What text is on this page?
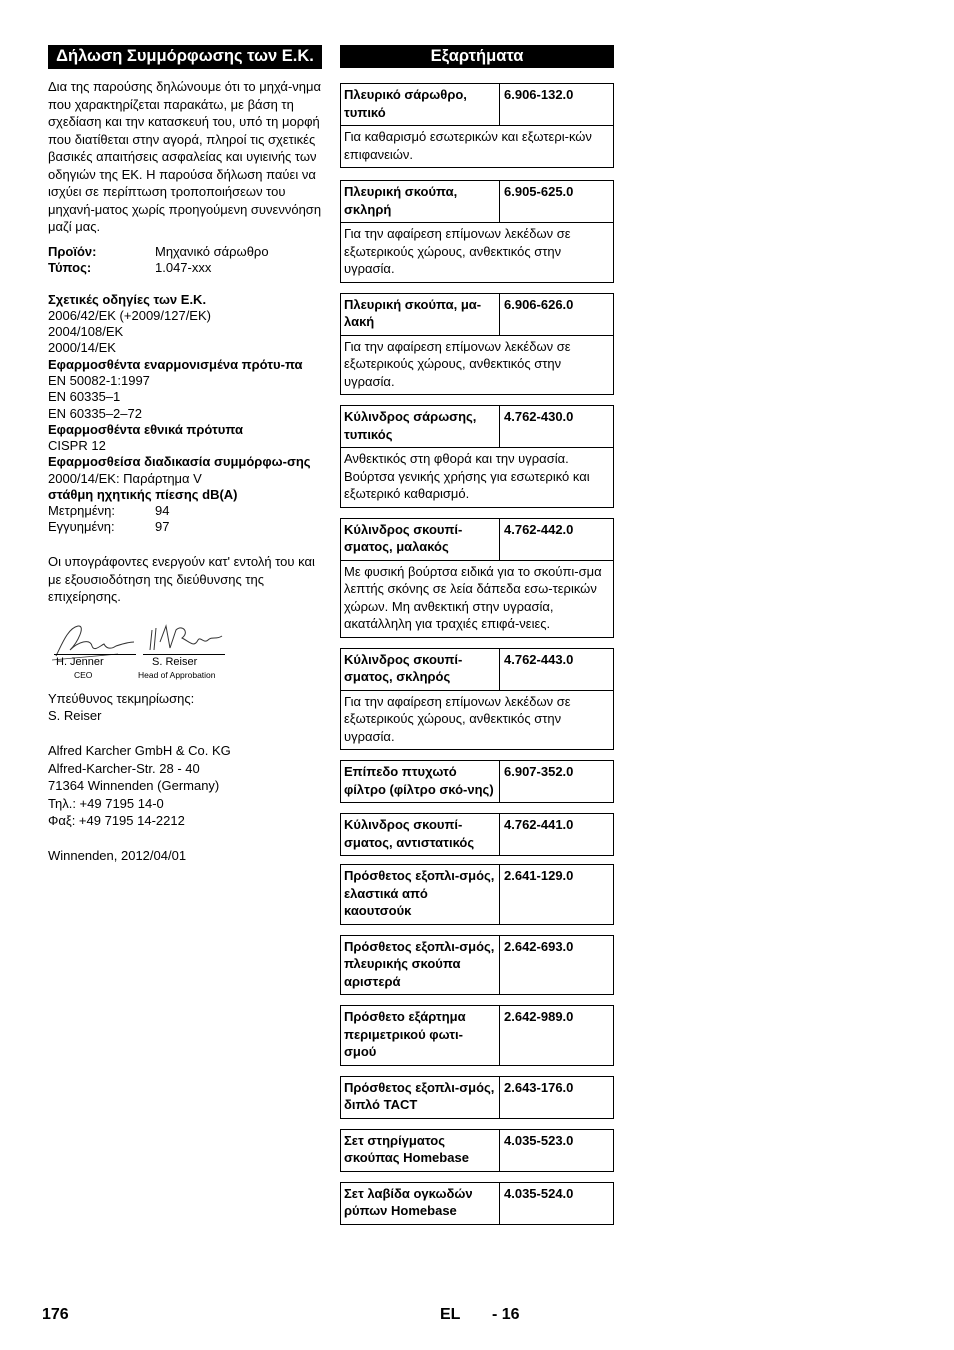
Δήλωση Συμμόρφωσης των Ε.Κ.
Δια της παρούσης δηλώνουμε ότι το μηχά-νημα που χαρακτηρίζεται παρακάτω, με βάση τη σχεδίαση και την κατασκευή του, υπό τη μορφή που διατίθεται στην αγορά, πληροί τις σχετικές βασικές απαιτήσεις ασφαλείας και υγιεινής των οδηγιών της ΕΚ. Η παρούσα δήλωση παύει να ισχύει σε περίπτωση τροποποιήσεων του μηχανή-ματος χωρίς προηγούμενη συνεννόηση μαζί μας.
Προϊόν:	Μηχανικό σάρωθρο
Τύπος:	1.047-xxx
Σχετικές οδηγίες των Ε.Κ.
2006/42/ΕΚ (+2009/127/ΕΚ)
2004/108/ΕΚ
2000/14/ΕΚ
Εφαρμοσθέντα εναρμονισμένα πρότυ-πα
EN 50082-1:1997
EN 60335–1
EN 60335–2–72
Εφαρμοσθέντα εθνικά πρότυπα
CISPR 12
Εφαρμοσθείσα διαδικασία συμμόρφω-σης
2000/14/ΕΚ: Παράρτημα V
στάθμη ηχητικής πίεσης dB(A)
Μετρημένη:	94
Εγγυημένη:	97
Οι υπογράφοντες ενεργούν κατ' εντολή του και με εξουσιοδότηση της διεύθυνσης της επιχείρησης.
H. Jenner
CEO
S. Reiser
Head of Approbation
Υπεύθυνος τεκμηρίωσης:
S. Reiser
Alfred Karcher GmbH & Co. KG
Alfred-Karcher-Str. 28 - 40
71364 Winnenden (Germany)
Τηλ.: +49 7195 14-0
Φαξ: +49 7195 14-2212
Winnenden, 2012/04/01
Εξαρτήματα
Πλευρικό σάρωθρο, τυπικό
6.906-132.0
Για καθαρισμό εσωτερικών και εξωτερι-κών επιφανειών.
Πλευρική σκούπα, σκληρή
6.905-625.0
Για την αφαίρεση επίμονων λεκέδων σε εξωτερικούς χώρους, ανθεκτικός στην υγρασία.
Πλευρική σκούπα, μα-λακή
6.906-626.0
Για την αφαίρεση επίμονων λεκέδων σε εξωτερικούς χώρους, ανθεκτικός στην υγρασία.
Κύλινδρος σάρωσης, τυπικός
4.762-430.0
Ανθεκτικός στη φθορά και την υγρασία. Βούρτσα γενικής χρήσης για εσωτερικό και εξωτερικό καθαρισμό.
Κύλινδρος σκουπί-σματος, μαλακός
4.762-442.0
Με φυσική βούρτσα ειδικά για το σκούπι-σμα λεπτής σκόνης σε λεία δάπεδα εσω-τερικών χώρων. Μη ανθεκτική στην υγρασία, ακατάλληλη για τραχιές επιφά-νειες.
Κύλινδρος σκουπί-σματος, σκληρός
4.762-443.0
Για την αφαίρεση επίμονων λεκέδων σε εξωτερικούς χώρους, ανθεκτικός στην υγρασία.
Επίπεδο πτυχωτό φίλτρο (φίλτρο σκό-νης)
6.907-352.0
Κύλινδρος σκουπί-σματος, αντιστατικός
4.762-441.0
Πρόσθετος εξοπλι-σμός, ελαστικά από καουτσούκ
2.641-129.0
Πρόσθετος εξοπλι-σμός, πλευρικής σκούπα αριστερά
2.642-693.0
Πρόσθετο εξάρτημα περιμετρικού φωτι-σμού
2.642-989.0
Πρόσθετος εξοπλι-σμός, διπλό TACT
2.643-176.0
Σετ στηρίγματος σκούπας Homebase
4.035-523.0
Σετ λαβίδα ογκωδών ρύπων Homebase
4.035-524.0
176	EL - 16
